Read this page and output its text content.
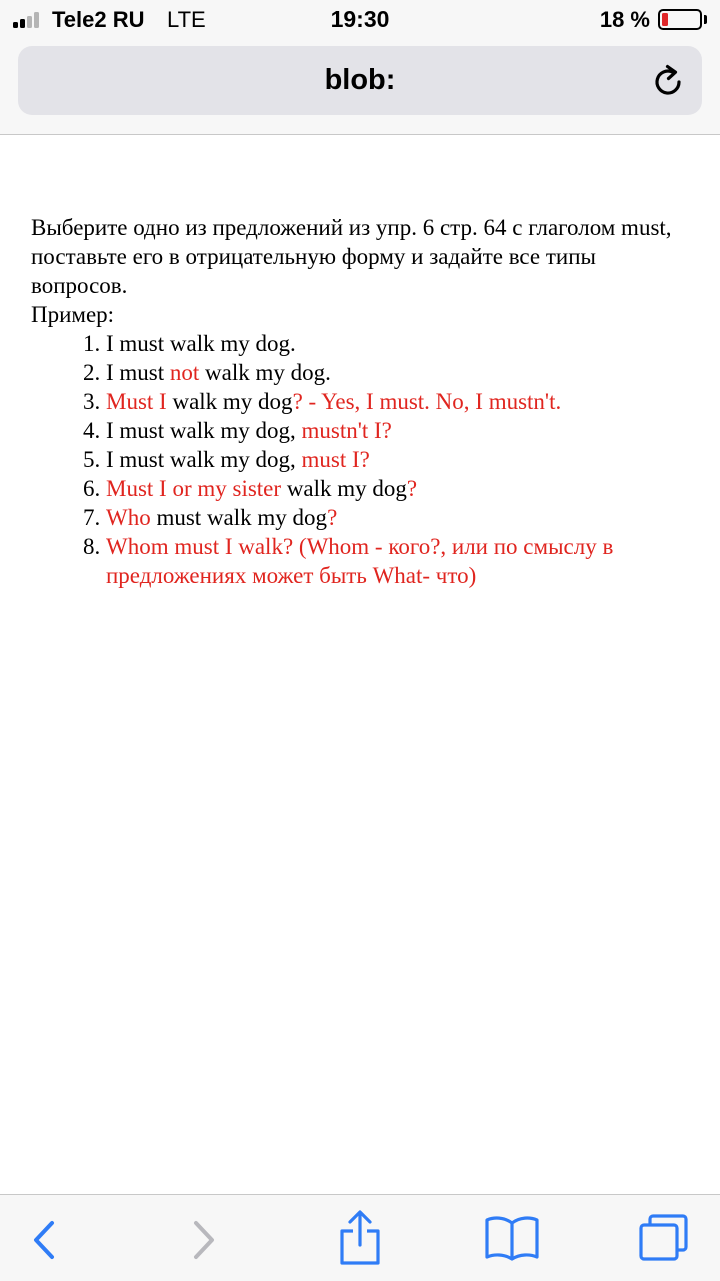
Tele2 RU LTE	19:30	18 %
blob:

Выберите одно из предложений из упр. 6 стр. 64 с глаголом must, поставьте его в отрицательную форму и задайте все типы вопросов.

Пример:

1. I must walk my dog.
2. I must not walk my dog.
3. Must I walk my dog? - Yes, I must. No, I mustn't.
4. I must walk my dog, mustn't I?
5. I must walk my dog, must I?
6. Must I or my sister walk my dog?
7. Who must walk my dog?
8. Whom must I walk? (Whom - кого?, или по смыслу в предложениях может быть What- что)
